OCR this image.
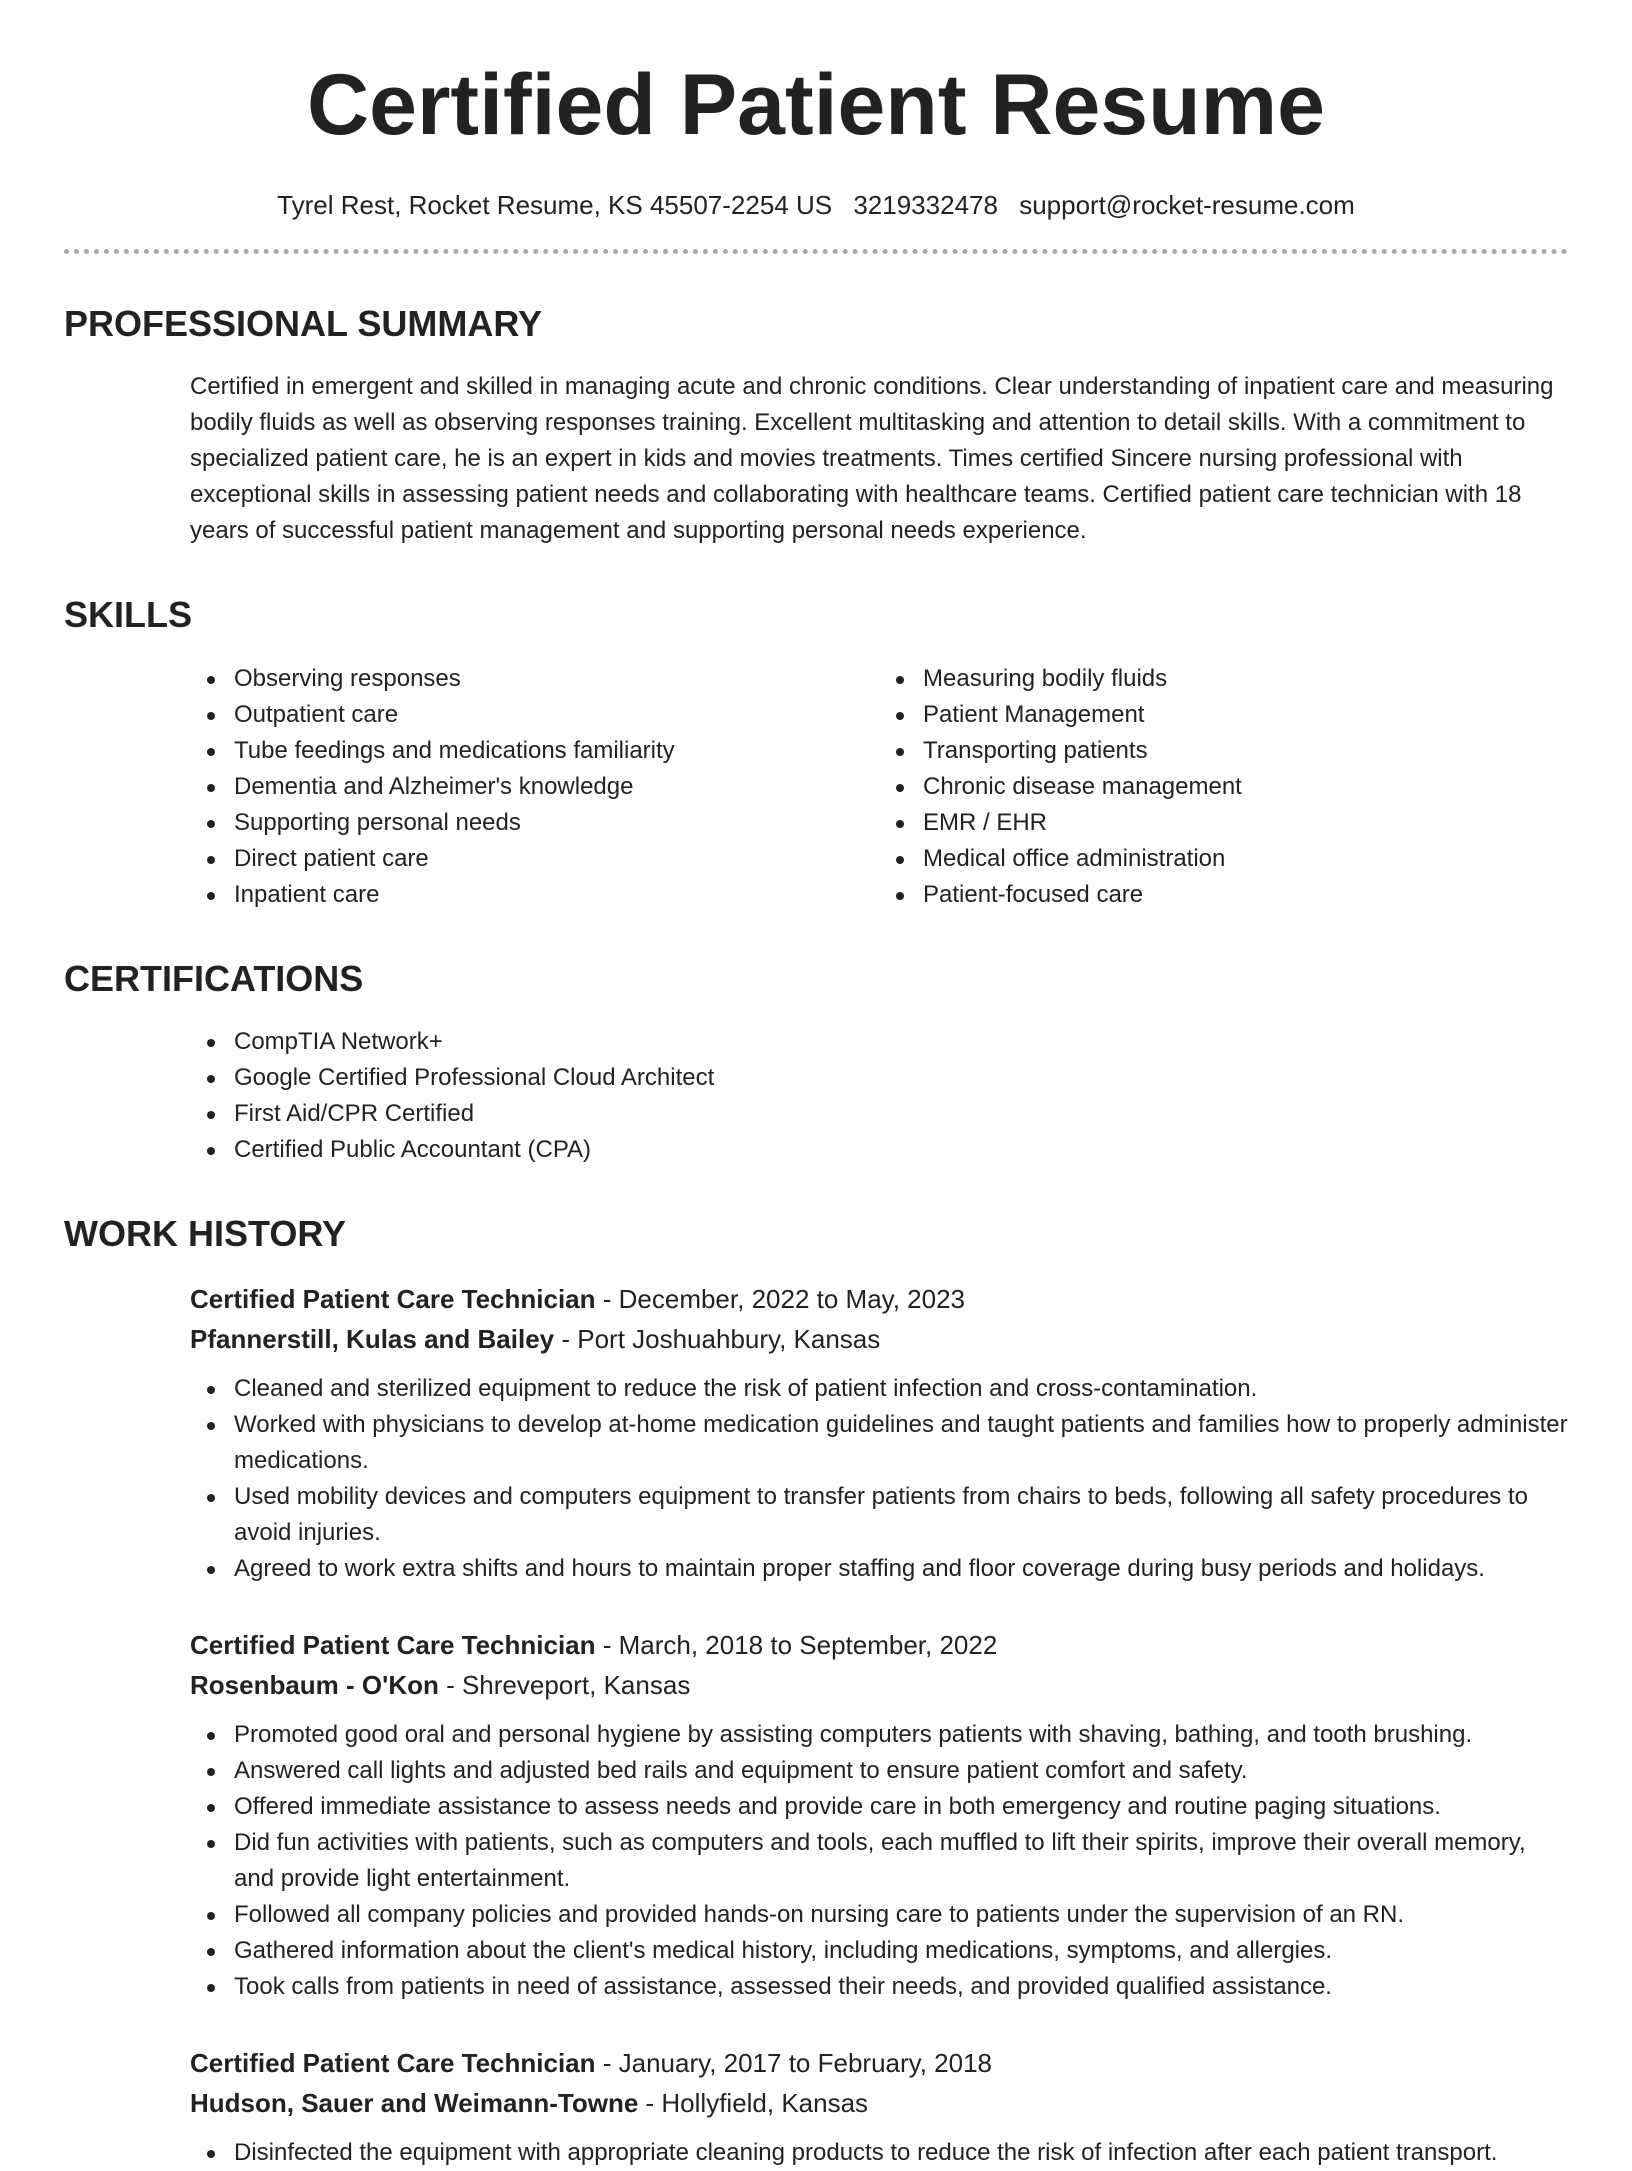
Certified Patient Resume
Tyrel Rest, Rocket Resume, KS 45507-2254 US 3219332478 support@rocket-resume.com
PROFESSIONAL SUMMARY
Certified in emergent and skilled in managing acute and chronic conditions. Clear understanding of inpatient care and measuring bodily fluids as well as observing responses training. Excellent multitasking and attention to detail skills. With a commitment to specialized patient care, he is an expert in kids and movies treatments. Times certified Sincere nursing professional with exceptional skills in assessing patient needs and collaborating with healthcare teams. Certified patient care technician with 18 years of successful patient management and supporting personal needs experience.
SKILLS
Observing responses
Outpatient care
Tube feedings and medications familiarity
Dementia and Alzheimer's knowledge
Supporting personal needs
Direct patient care
Inpatient care
Measuring bodily fluids
Patient Management
Transporting patients
Chronic disease management
EMR / EHR
Medical office administration
Patient-focused care
CERTIFICATIONS
CompTIA Network+
Google Certified Professional Cloud Architect
First Aid/CPR Certified
Certified Public Accountant (CPA)
WORK HISTORY
Certified Patient Care Technician - December, 2022 to May, 2023
Pfannerstill, Kulas and Bailey - Port Joshuahbury, Kansas
Cleaned and sterilized equipment to reduce the risk of patient infection and cross-contamination.
Worked with physicians to develop at-home medication guidelines and taught patients and families how to properly administer medications.
Used mobility devices and computers equipment to transfer patients from chairs to beds, following all safety procedures to avoid injuries.
Agreed to work extra shifts and hours to maintain proper staffing and floor coverage during busy periods and holidays.
Certified Patient Care Technician - March, 2018 to September, 2022
Rosenbaum - O'Kon - Shreveport, Kansas
Promoted good oral and personal hygiene by assisting computers patients with shaving, bathing, and tooth brushing.
Answered call lights and adjusted bed rails and equipment to ensure patient comfort and safety.
Offered immediate assistance to assess needs and provide care in both emergency and routine paging situations.
Did fun activities with patients, such as computers and tools, each muffled to lift their spirits, improve their overall memory, and provide light entertainment.
Followed all company policies and provided hands-on nursing care to patients under the supervision of an RN.
Gathered information about the client's medical history, including medications, symptoms, and allergies.
Took calls from patients in need of assistance, assessed their needs, and provided qualified assistance.
Certified Patient Care Technician - January, 2017 to February, 2018
Hudson, Sauer and Weimann-Towne - Hollyfield, Kansas
Disinfected the equipment with appropriate cleaning products to reduce the risk of infection after each patient transport.
